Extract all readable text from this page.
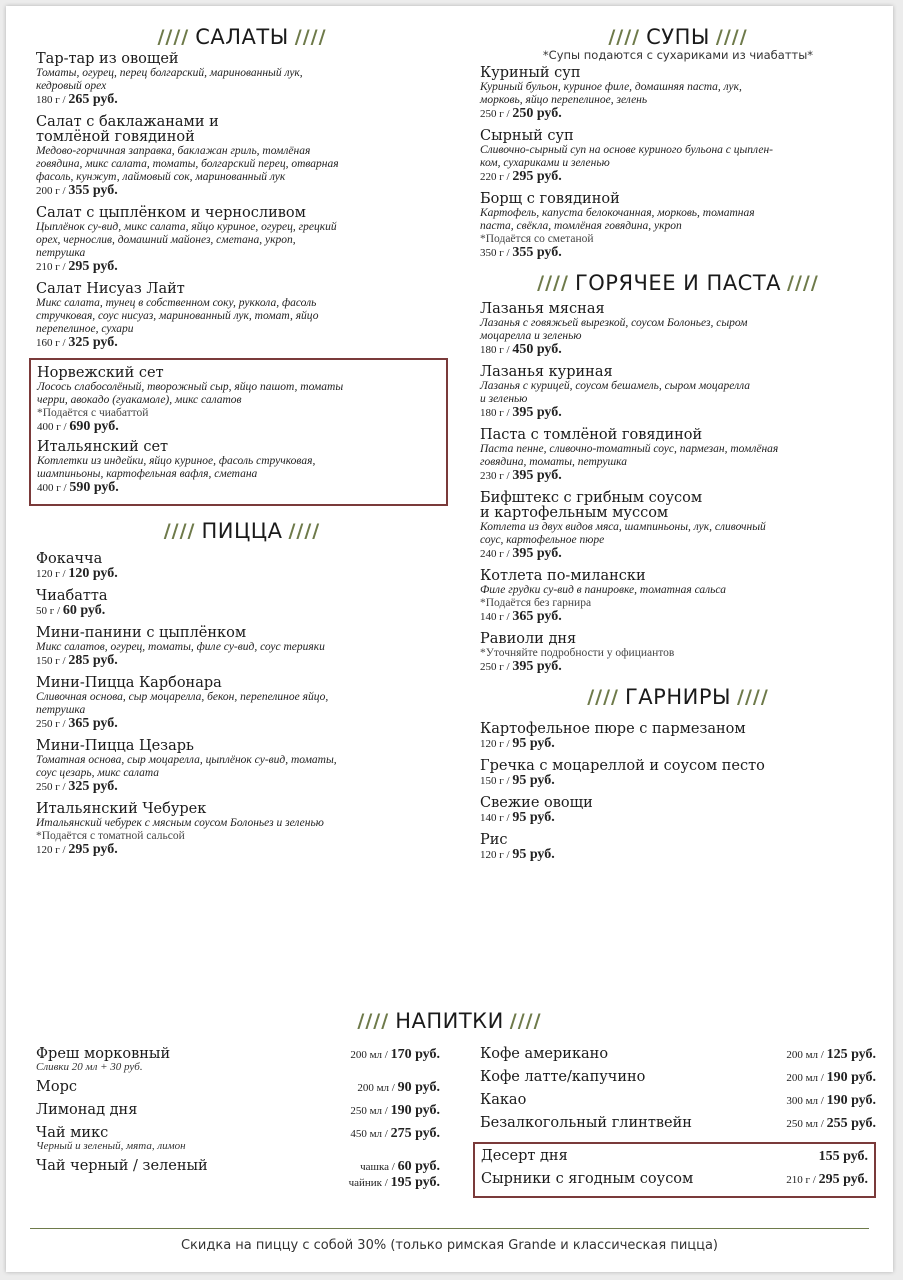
//// САЛАТЫ ////
Тар-тар из овощей
Томаты, огурец, перец болгарский, маринованный лук,
кедровый орех
180 г / 265 руб.
Салат с баклажанами и
томлёной говядиной
Медово-горчичная заправка, баклажан гриль, томлёная
говядина, микс салата, томаты, болгарский перец, отварная
фасоль, кунжут, лаймовый сок, маринованный лук
200 г / 355 руб.
Салат с цыплёнком и черносливом
Цыплёнок су-вид, микс салата, яйцо куриное, огурец, грецкий
орех, чернослив, домашний майонез, сметана, укроп,
петрушка
210 г / 295 руб.
Салат Нисуаз Лайт
Микс салата, тунец в собственном соку, руккола, фасоль
стручковая, соус нисуаз, маринованный лук, томат, яйцо
перепелиное, сухари
160 г / 325 руб.
Норвежский сет
Лосось слабосолёный, творожный сыр, яйцо пашот, томаты
черри, авокадо (гуакамоле), микс салатов
*Подаётся с чиабаттой
400 г / 690 руб.
Итальянский сет
Котлетки из индейки, яйцо куриное, фасоль стручковая,
шампиньоны, картофельная вафля, сметана
400 г / 590 руб.
//// ПИЦЦА ////
Фокачча
120 г / 120 руб.
Чиабатта
50 г / 60 руб.
Мини-панини с цыплёнком
Микс салатов, огурец, томаты, филе су-вид, соус терияки
150 г / 285 руб.
Мини-Пицца Карбонара
Сливочная основа, сыр моцарелла, бекон, перепелиное яйцо,
петрушка
250 г / 365 руб.
Мини-Пицца Цезарь
Томатная основа, сыр моцарелла, цыплёнок су-вид, томаты,
соус цезарь, микс салата
250 г / 325 руб.
Итальянский Чебурек
Итальянский чебурек с мясным соусом Болоньез и зеленью
*Подаётся с томатной сальсой
120 г / 295 руб.
//// СУПЫ ////
*Супы подаются с сухариками из чиабатты*
Куриный суп
Куриный бульон, куриное филе, домашняя паста, лук,
морковь, яйцо перепелиное, зелень
250 г / 250 руб.
Сырный суп
Сливочно-сырный суп на основе куриного бульона с цыплен-
ком, сухариками и зеленью
220 г / 295 руб.
Борщ с говядиной
Картофель, капуста белокочанная, морковь, томатная
паста, свёкла, томлёная говядина, укроп
*Подаётся со сметаной
350 г / 355 руб.
//// ГОРЯЧЕЕ И ПАСТА ////
Лазанья мясная
Лазанья с говяжьей вырезкой, соусом Болоньез, сыром
моцарелла и зеленью
180 г / 450 руб.
Лазанья куриная
Лазанья с курицей, соусом бешамель, сыром моцарелла
и зеленью
180 г / 395 руб.
Паста с томлёной говядиной
Паста пенне, сливочно-томатный соус, пармезан, томлёная
говядина, томаты, петрушка
230 г / 395 руб.
Бифштекс с грибным соусом
и картофельным муссом
Котлета из двух видов мяса, шампиньоны, лук, сливочный
соус, картофельное пюре
240 г / 395 руб.
Котлета по-милански
Филе грудки су-вид в панировке, томатная сальса
*Подаётся без гарнира
140 г / 365 руб.
Равиоли дня
*Уточняйте подробности у официантов
250 г / 395 руб.
//// ГАРНИРЫ ////
Картофельное пюре с пармезаном
120 г / 95 руб.
Гречка с моцареллой и соусом песто
150 г / 95 руб.
Свежие овощи
140 г / 95 руб.
Рис
120 г / 95 руб.
//// НАПИТКИ ////
Фреш морковный	200 мл / 170 руб.
Сливки 20 мл + 30 руб.
Морс	200 мл / 90 руб.
Лимонад дня	250 мл / 190 руб.
Чай микс	450 мл / 275 руб.
Черный и зеленый, мята, лимон
Чай черный / зеленый	чашка / 60 руб.
чайник / 195 руб.
Кофе американо	200 мл / 125 руб.
Кофе латте/капучино	200 мл / 190 руб.
Какао	300 мл / 190 руб.
Безалкогольный глинтвейн	250 мл / 255 руб.
Десерт дня	155 руб.
Сырники с ягодным соусом	210 г / 295 руб.
Скидка на пиццу с собой 30% (только римская Grande и классическая пицца)
